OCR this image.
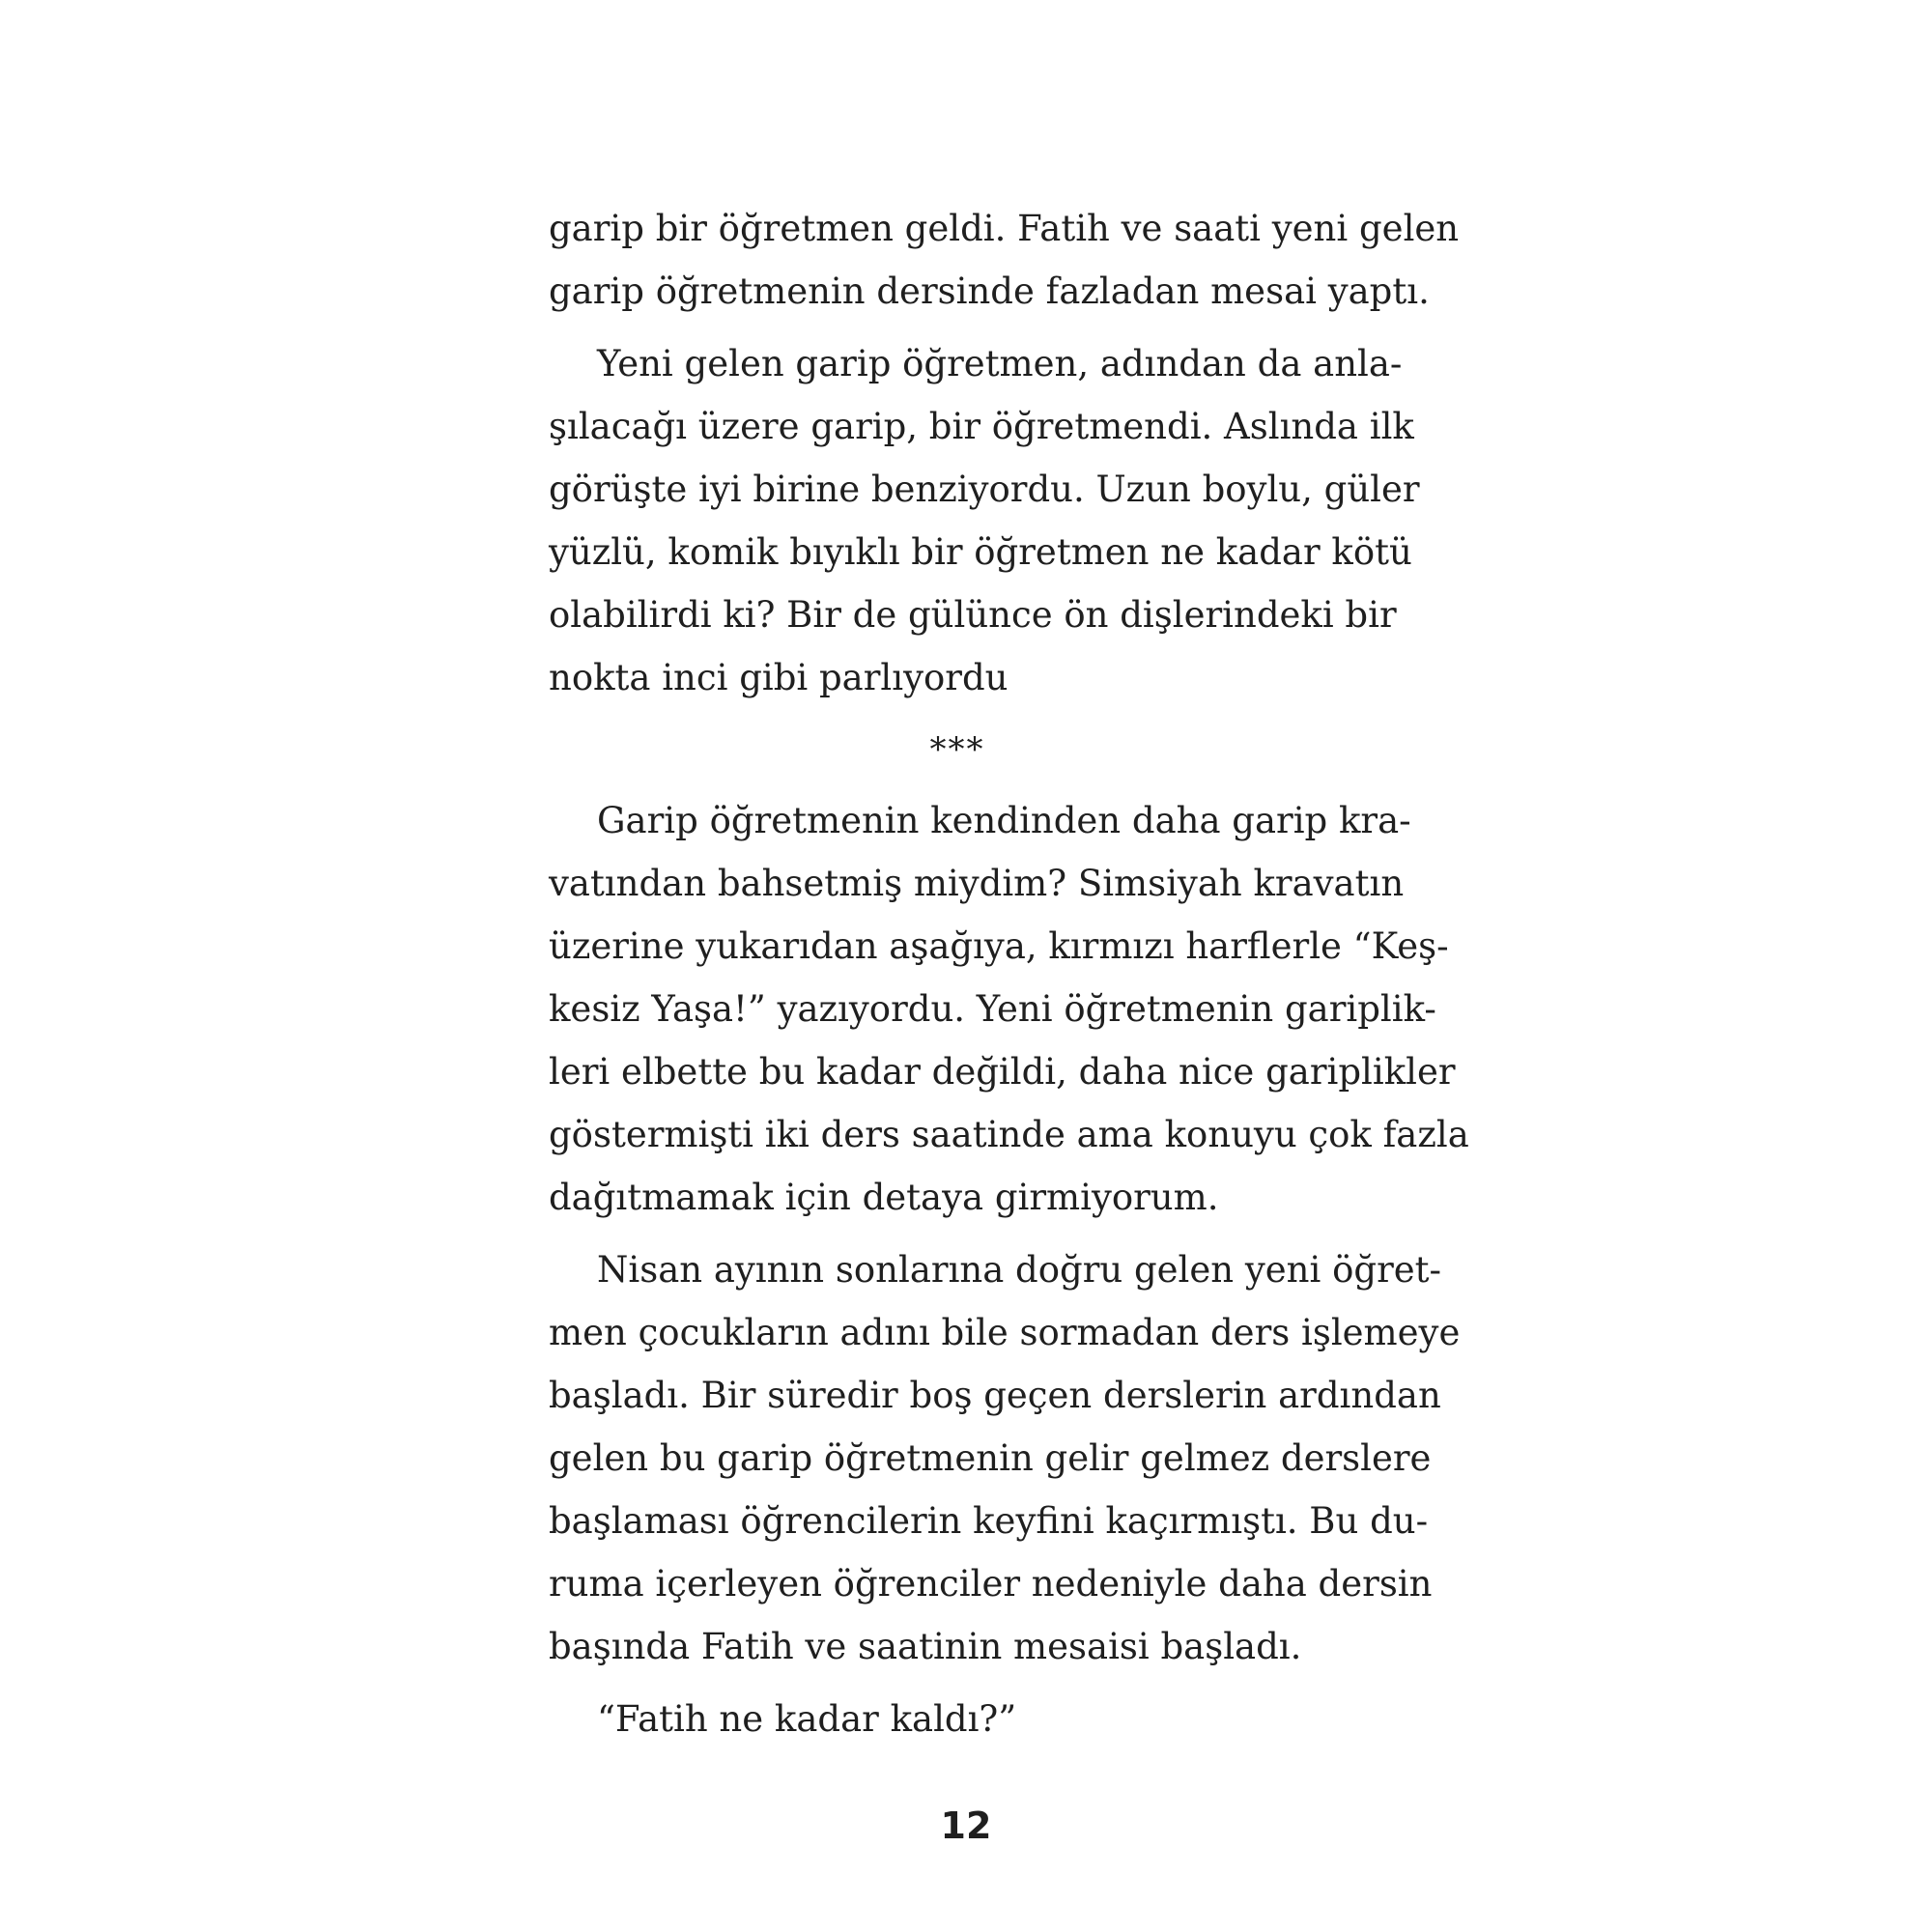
garip bir öğretmen geldi. Fatih ve saati yeni gelen
garip öğretmenin dersinde fazladan mesai yaptı.
Yeni gelen garip öğretmen, adından da anla-
şılacağı üzere garip, bir öğretmendi. Aslında ilk
görüşte iyi birine benziyordu. Uzun boylu, güler
yüzlü, komik bıyıklı bir öğretmen ne kadar kötü
olabilirdi ki? Bir de gülünce ön dişlerindeki bir
nokta inci gibi parlıyordu
***
Garip öğretmenin kendinden daha garip kra-
vatından bahsetmiş miydim? Simsiyah kravatın
üzerine yukarıdan aşağıya, kırmızı harflerle “Keş-
kesiz Yaşa!” yazıyordu. Yeni öğretmenin gariplik-
leri elbette bu kadar değildi, daha nice gariplikler
göstermişti iki ders saatinde ama konuyu çok fazla
dağıtmamak için detaya girmiyorum.
Nisan ayının sonlarına doğru gelen yeni öğret-
men çocukların adını bile sormadan ders işlemeye
başladı. Bir süredir boş geçen derslerin ardından
gelen bu garip öğretmenin gelir gelmez derslere
başlaması öğrencilerin keyfini kaçırmıştı. Bu du-
ruma içerleyen öğrenciler nedeniyle daha dersin
başında Fatih ve saatinin mesaisi başladı.
“Fatih ne kadar kaldı?”
12
